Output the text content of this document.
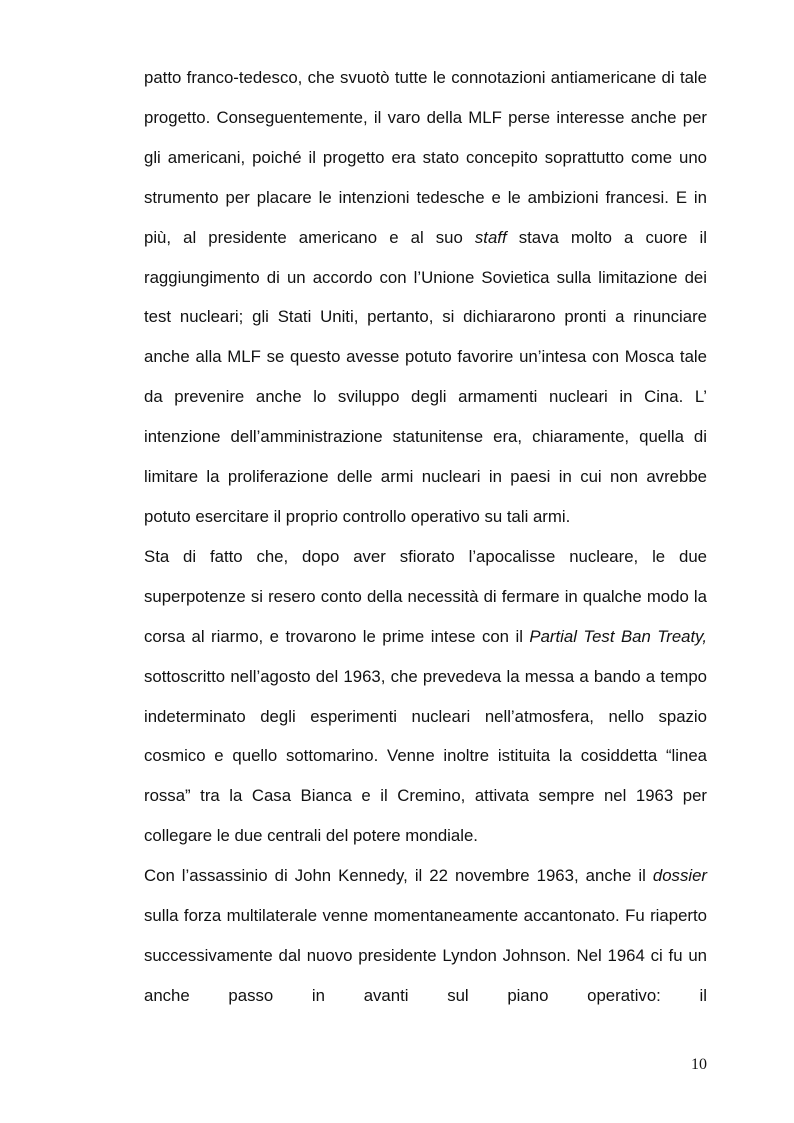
patto franco-tedesco, che svuotò tutte le connotazioni antiamericane di tale progetto. Conseguentemente, il varo della MLF perse interesse anche per gli americani, poiché il progetto era stato concepito soprattutto come uno strumento per placare le intenzioni tedesche e le ambizioni francesi. E in più, al presidente americano e al suo staff stava molto a cuore il raggiungimento di un accordo con l’Unione Sovietica sulla limitazione dei test nucleari; gli Stati Uniti, pertanto, si dichiararono pronti a rinunciare anche alla MLF se questo avesse potuto favorire un’intesa con Mosca tale da prevenire anche lo sviluppo degli armamenti nucleari in Cina. L’ intenzione dell’amministrazione statunitense era, chiaramente, quella di limitare la proliferazione delle armi nucleari in paesi in cui non avrebbe potuto esercitare il proprio controllo operativo su tali armi.

Sta di fatto che, dopo aver sfiorato l’apocalisse nucleare, le due superpotenze si resero conto della necessità di fermare in qualche modo la corsa al riarmo, e trovarono le prime intese con il Partial Test Ban Treaty, sottoscritto nell’agosto del 1963, che prevedeva la messa a bando a tempo indeterminato degli esperimenti nucleari nell’atmosfera, nello spazio cosmico e quello sottomarino. Venne inoltre istituita la cosiddetta “linea rossa” tra la Casa Bianca e il Cremino, attivata sempre nel 1963 per collegare le due centrali del potere mondiale.

Con l’assassinio di John Kennedy, il 22 novembre 1963, anche il dossier sulla forza multilaterale venne momentaneamente accantonato. Fu riaperto successivamente dal nuovo presidente Lyndon Johnson. Nel 1964 ci fu un anche passo in avanti sul piano operativo: il

10
